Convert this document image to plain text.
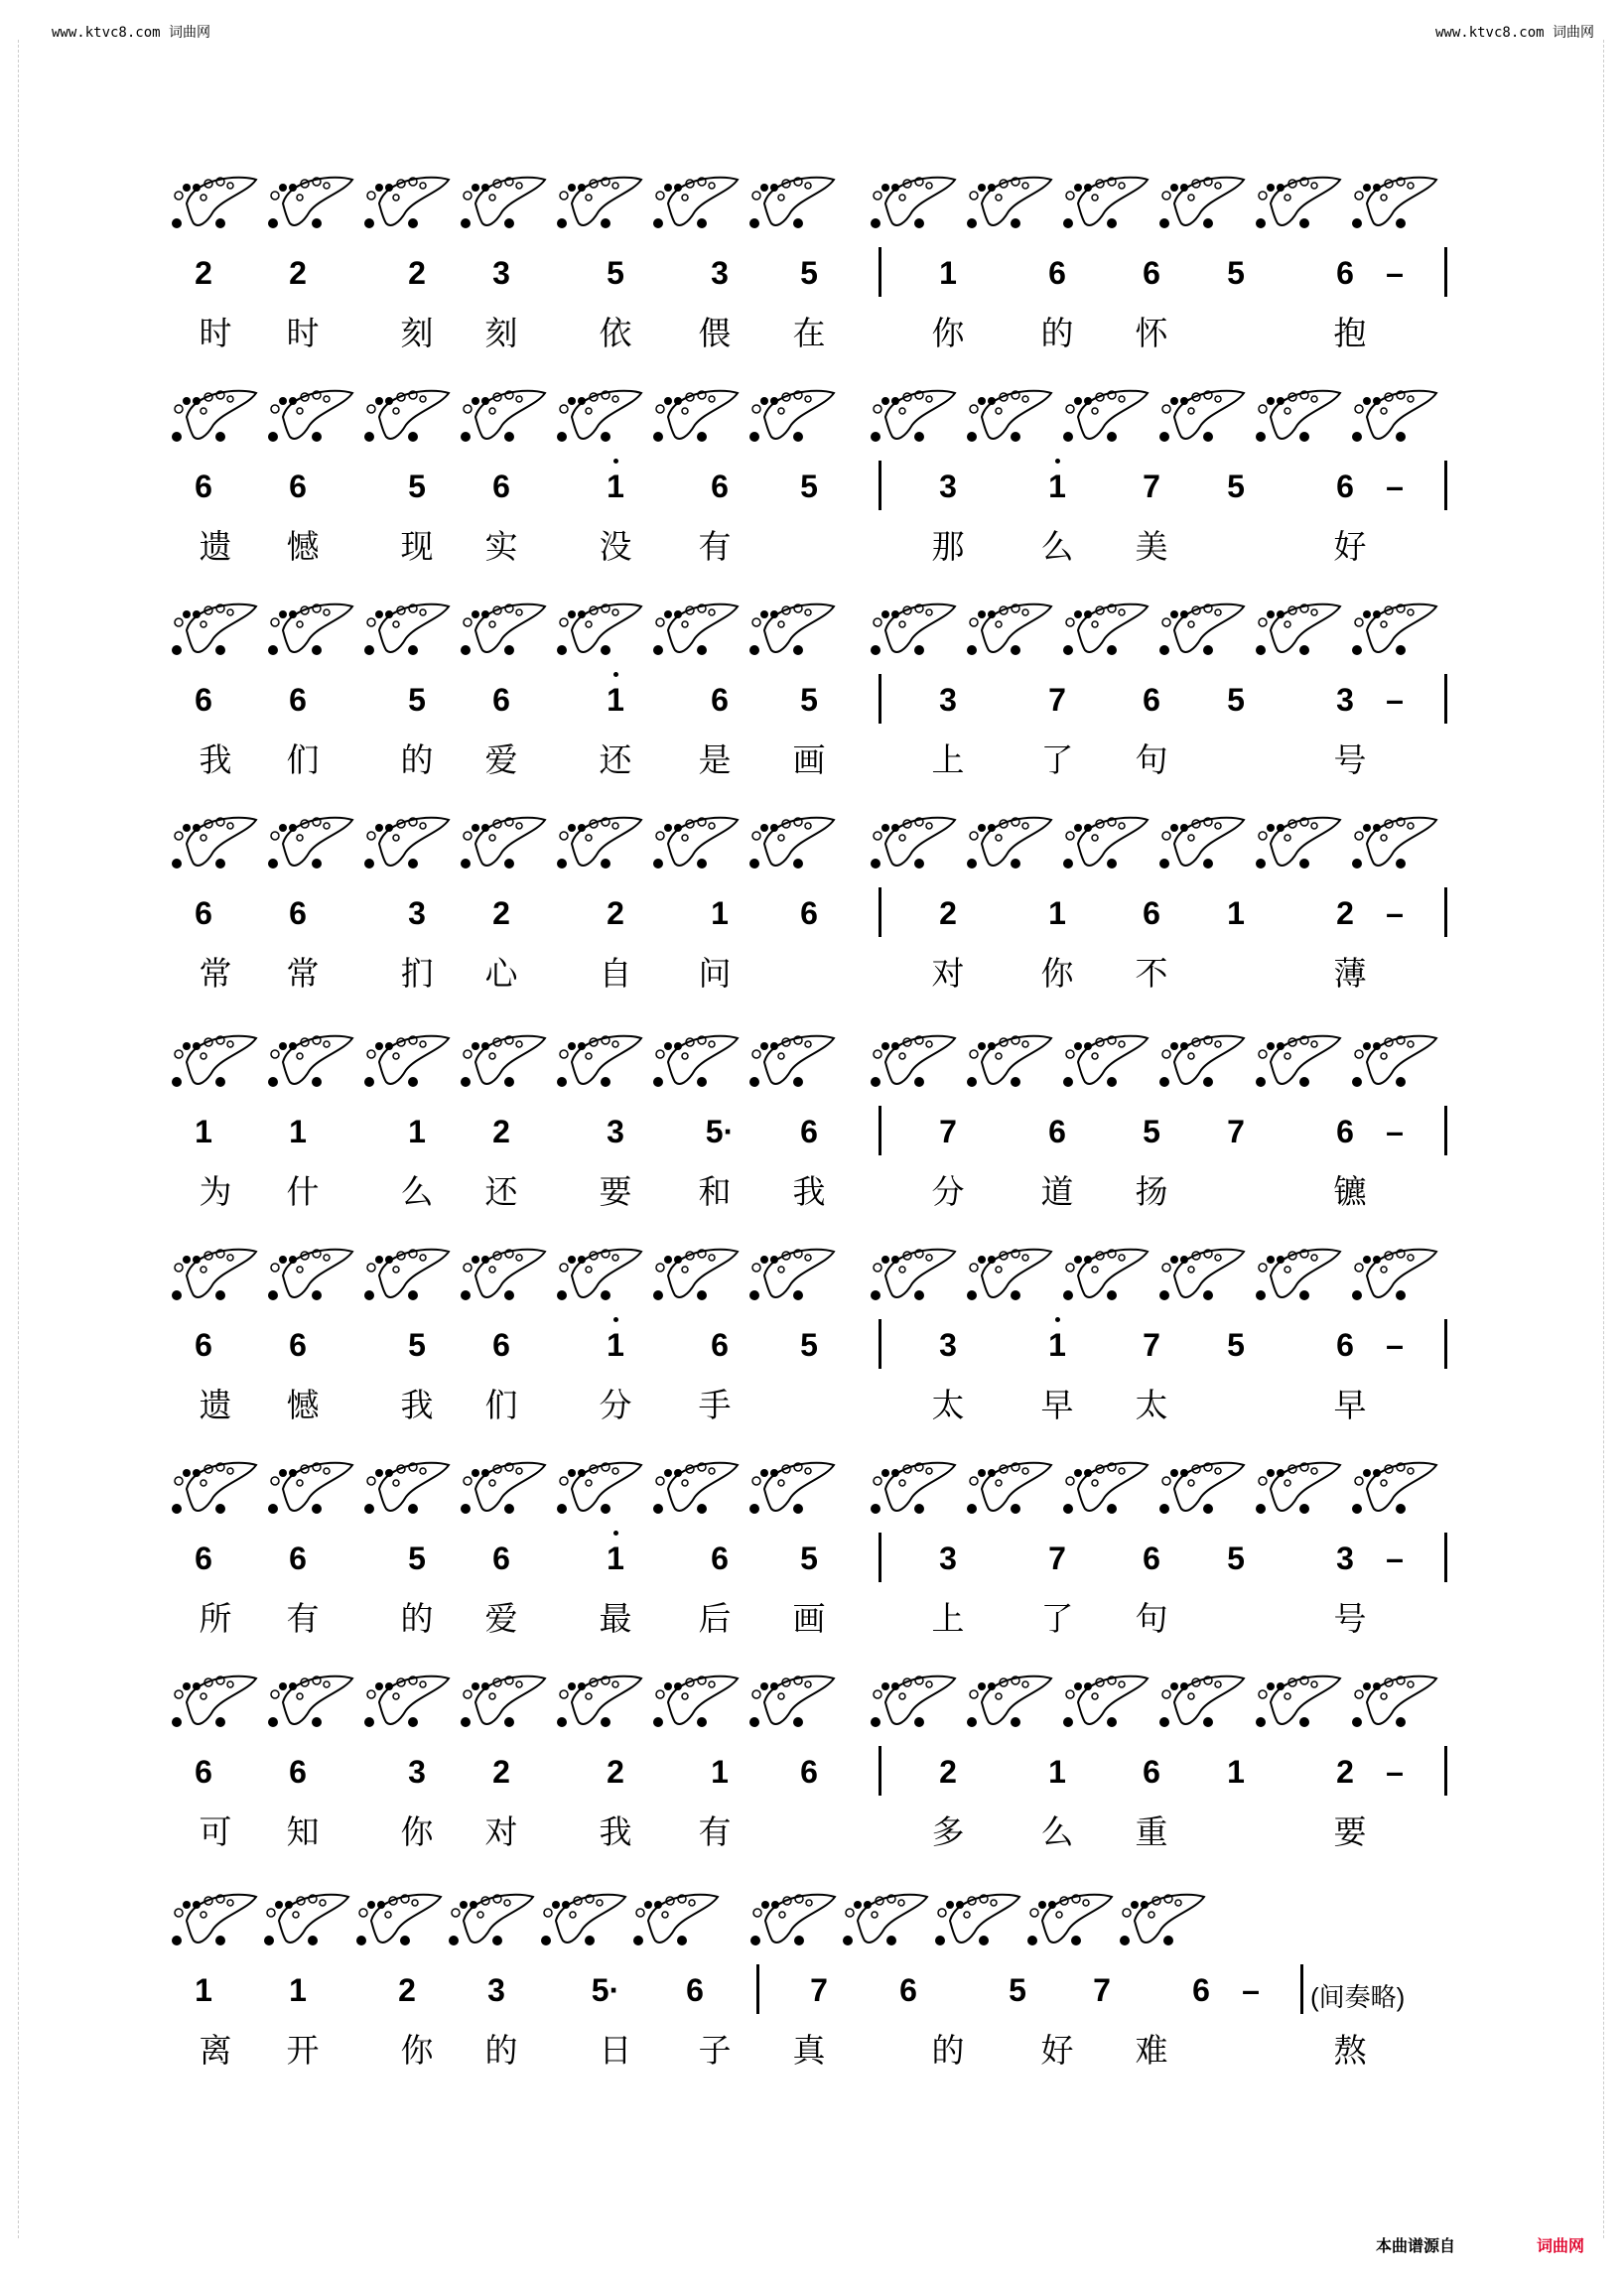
www.ktvc8.com 词曲网	www.ktvc8.com 词曲网
2	2	2	3	5	3	5	1	6	6	5	6	–
时 时 刻 刻 依 偎 在	你 的 怀	抱
6	6	5	6	1	6	5	3	1	7	5	6	–
遗 憾 现 实 没 有	那 么 美	好
6	6	5	6	1	6	5	3	7	6	5	3	–
我 们 的 爱 还 是 画	上 了 句	号
6	6	3	2	2	1	6	2	1	6	1	2	–
常 常 扪 心 自 问	对 你 不	薄
1	1	1	2	3	5·	6	7	6	5	7	6	–
为 什 么 还 要 和 我	分 道 扬	镳
6	6	5	6	1	6	5	3	1	7	5	6	–
遗 憾 我 们 分 手	太 早 太	早
6	6	5	6	1	6	5	3	7	6	5	3	–
所 有 的 爱 最 后 画	上 了 句	号
6	6	3	2	2	1	6	2	1	6	1	2	–
可 知 你 对 我 有	多 么 重	要
1	1	2	3	5·	6	7	6	5	7	6	–
离 开 你 的 日 子 真	的 好 难	熬
(间奏略)
本曲谱源自	词曲网
